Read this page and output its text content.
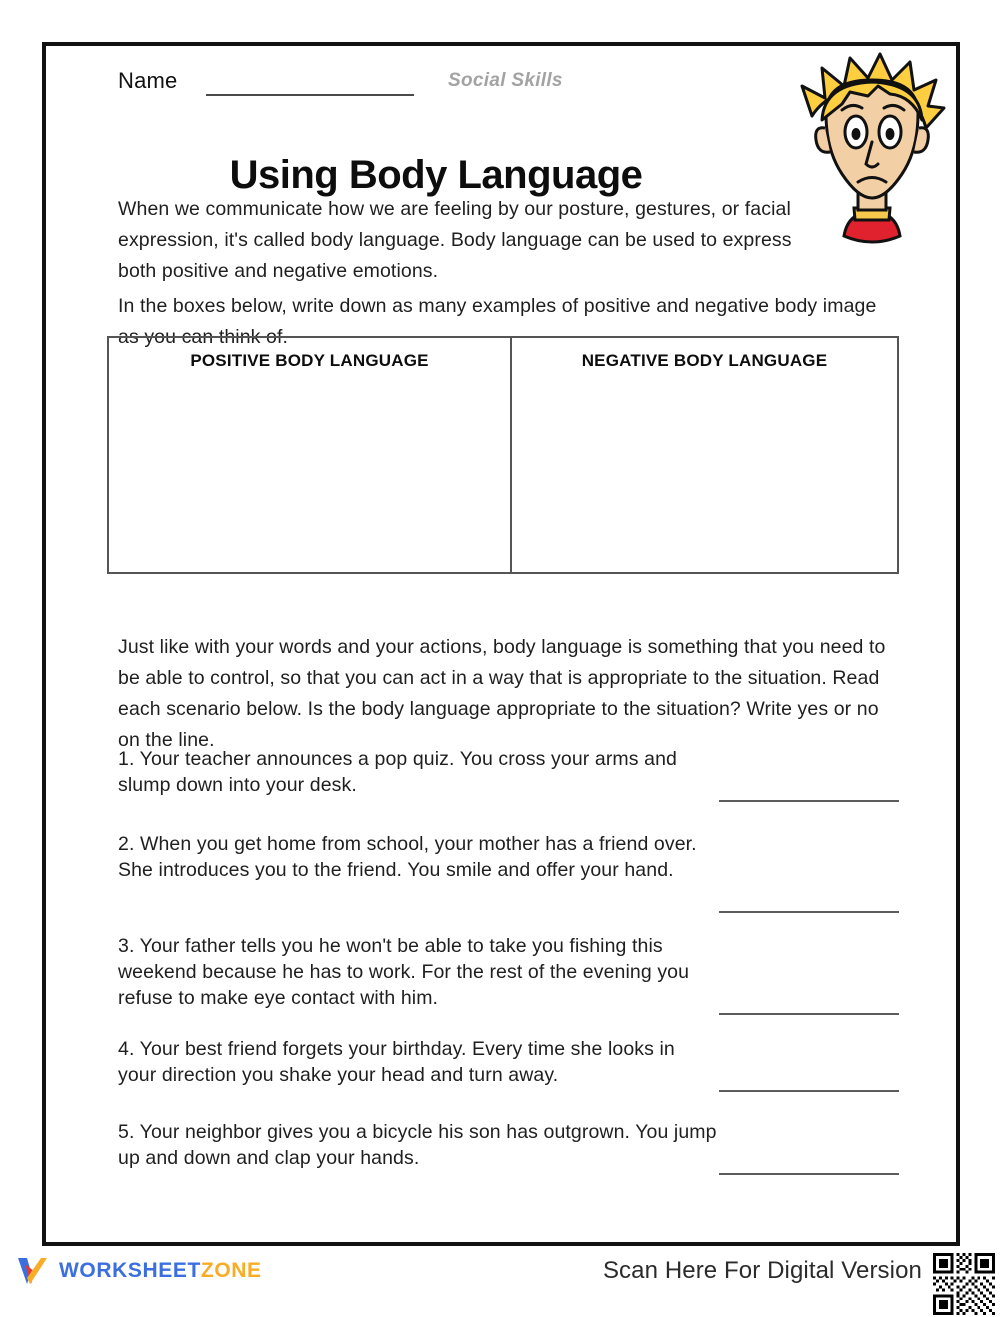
Name	Social Skills
Using Body Language

When we communicate how we are feeling by our posture, gestures, or facial expression, it's called body language. Body language can be used to express both positive and negative emotions.

In the boxes below, write down as many examples of positive and negative body image as you can think of.

POSITIVE BODY LANGUAGE	NEGATIVE BODY LANGUAGE

Just like with your words and your actions, body language is something that you need to be able to control, so that you can act in a way that is appropriate to the situation. Read each scenario below. Is the body language appropriate to the situation? Write yes or no on the line.

1. Your teacher announces a pop quiz. You cross your arms and slump down into your desk.
2. When you get home from school, your mother has a friend over. She introduces you to the friend. You smile and offer your hand.
3. Your father tells you he won't be able to take you fishing this weekend because he has to work. For the rest of the evening you refuse to make eye contact with him.
4. Your best friend forgets your birthday. Every time she looks in your direction you shake your head and turn away.
5. Your neighbor gives you a bicycle his son has outgrown. You jump up and down and clap your hands.
WORKSHEETZONE	Scan Here For Digital Version
